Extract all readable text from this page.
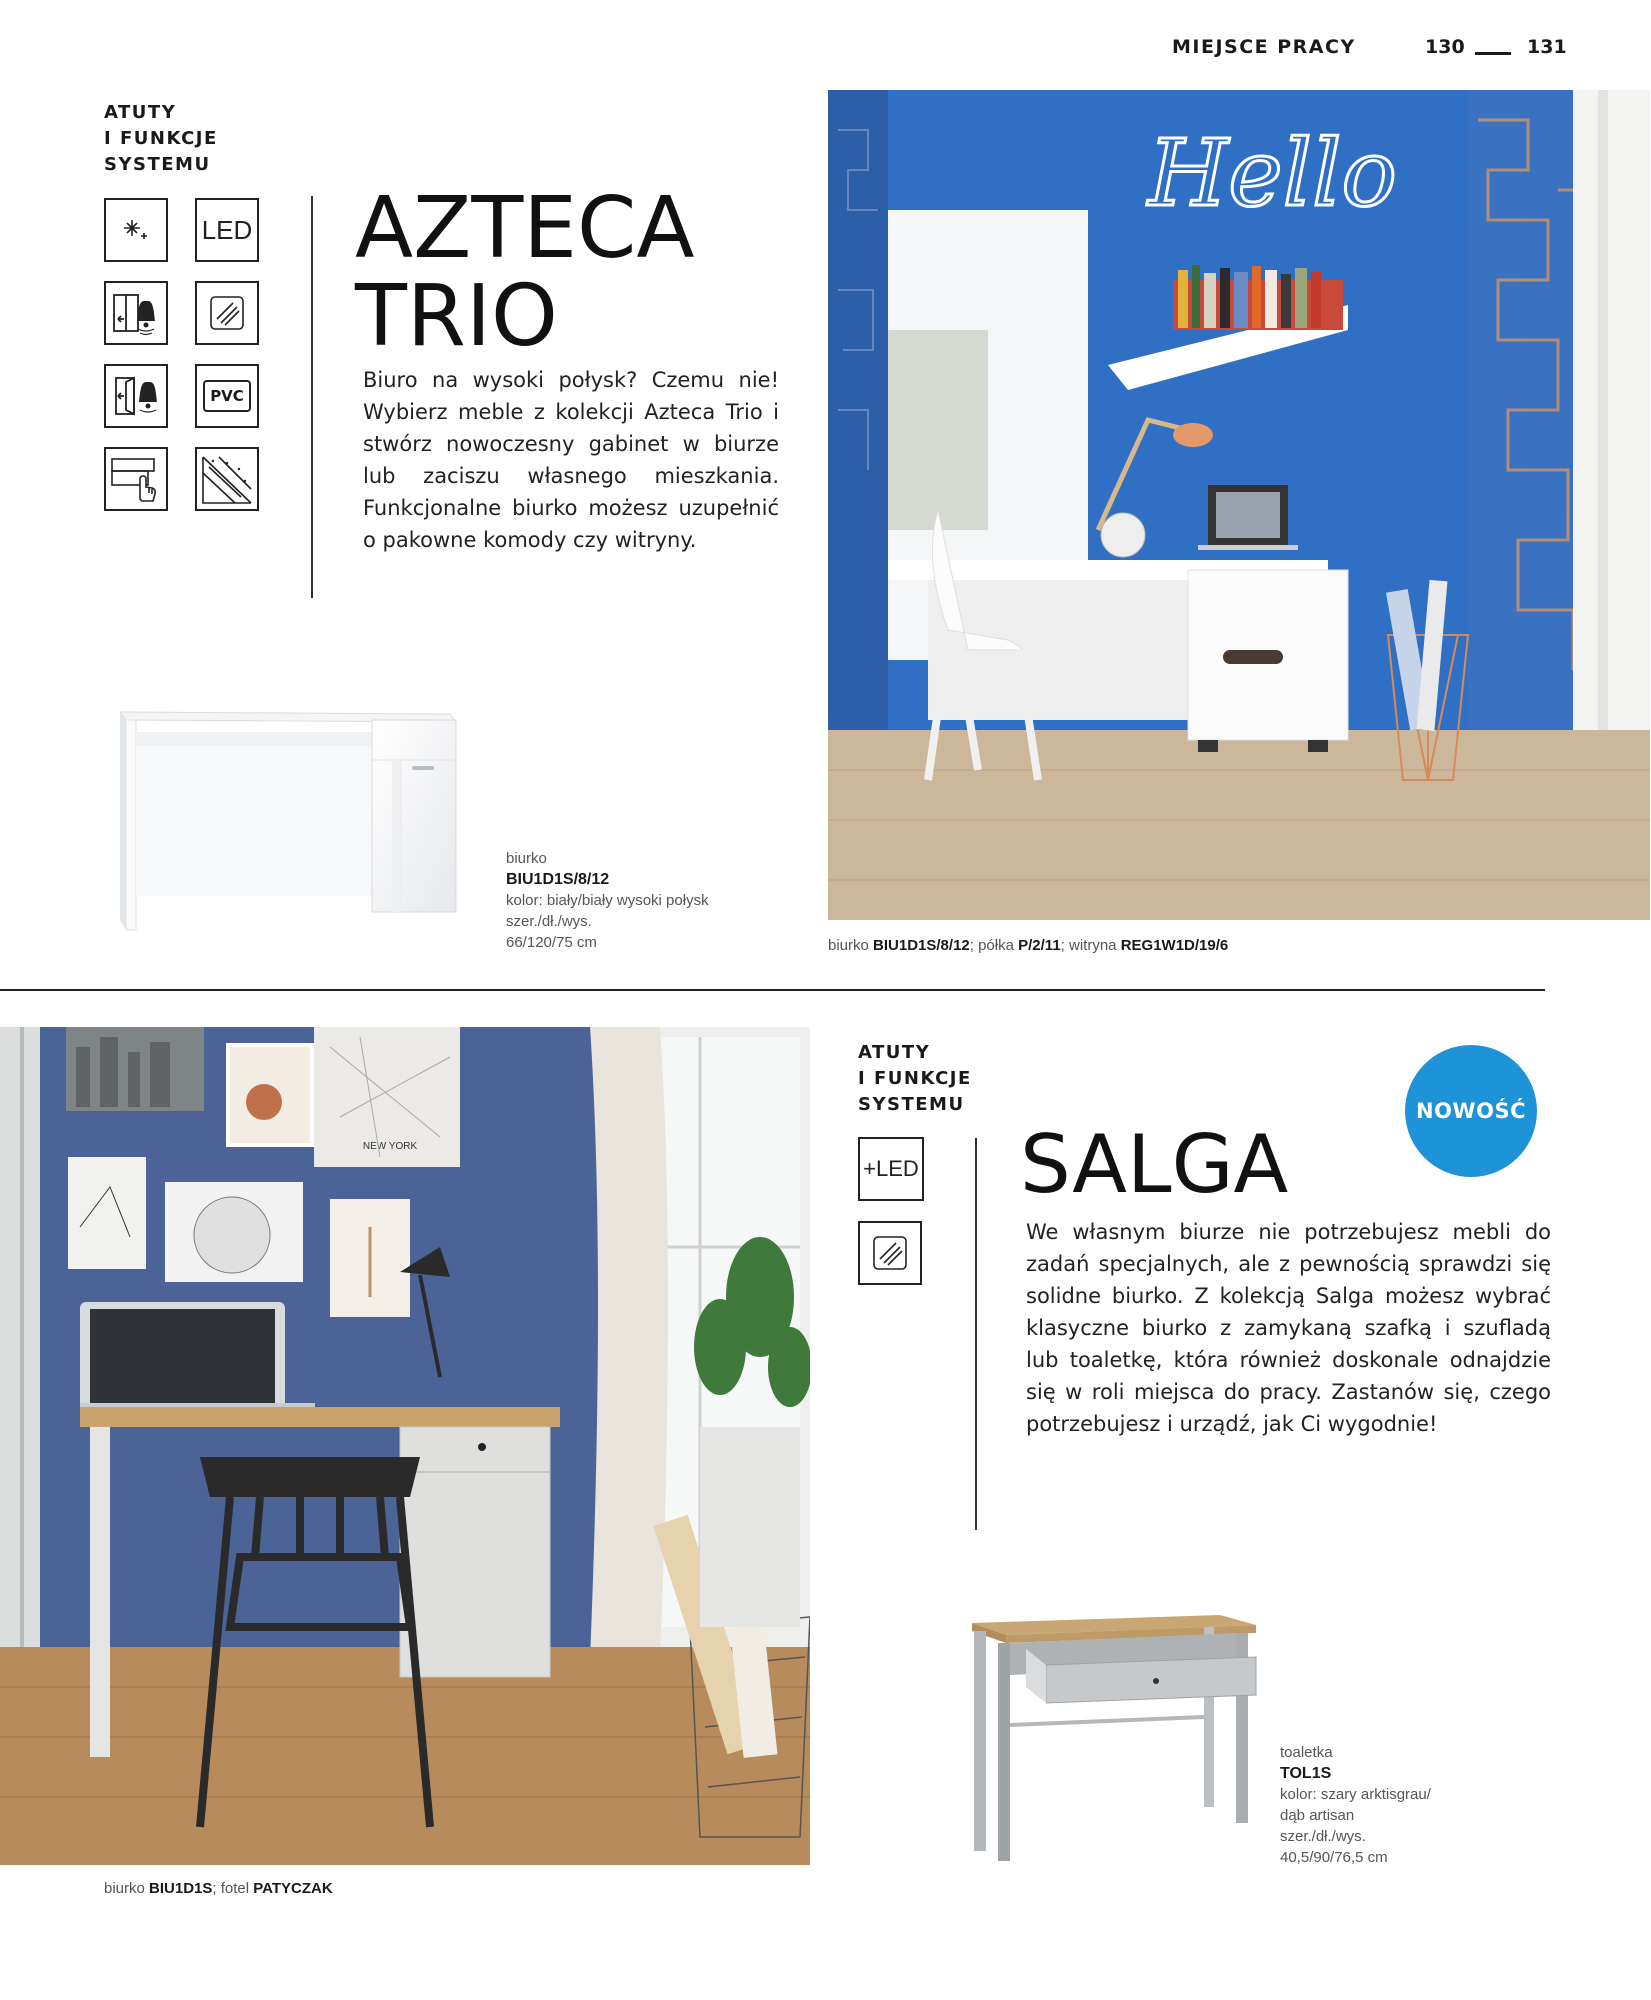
MIEJSCE PRACY	130	131
ATUTY
I FUNKCJE
SYSTEMU
LED
PVC
AZTECA
TRIO
Biuro na wysoki połysk? Czemu nie! Wybierz meble z kolekcji Azteca Trio i stwórz nowoczesny gabinet w biurze lub zaciszu własnego mieszkania. Funkcjonalne biurko możesz uzupełnić o pakowne komody czy witryny.
biurko
BIU1D1S/8/12
kolor: biały/biały wysoki połysk
szer./dł./wys.
66/120/75 cm
Hello
biurko BIU1D1S/8/12; półka P/2/11; witryna REG1W1D/19/6
NEW YORK
biurko BIU1D1S; fotel PATYCZAK
ATUTY
I FUNKCJE
SYSTEMU
+LED
NOWOŚĆ
SALGA
We własnym biurze nie potrzebujesz mebli do zadań specjalnych, ale z pewnością sprawdzi się solidne biurko. Z kolekcją Salga możesz wybrać klasyczne biurko z zamykaną szafką i szufladą lub toaletkę, która również doskonale odnajdzie się w roli miejsca do pracy. Zastanów się, czego potrzebujesz i urządź, jak Ci wygodnie!
toaletka
TOL1S
kolor: szary arktisgrau/
dąb artisan
szer./dł./wys.
40,5/90/76,5 cm
